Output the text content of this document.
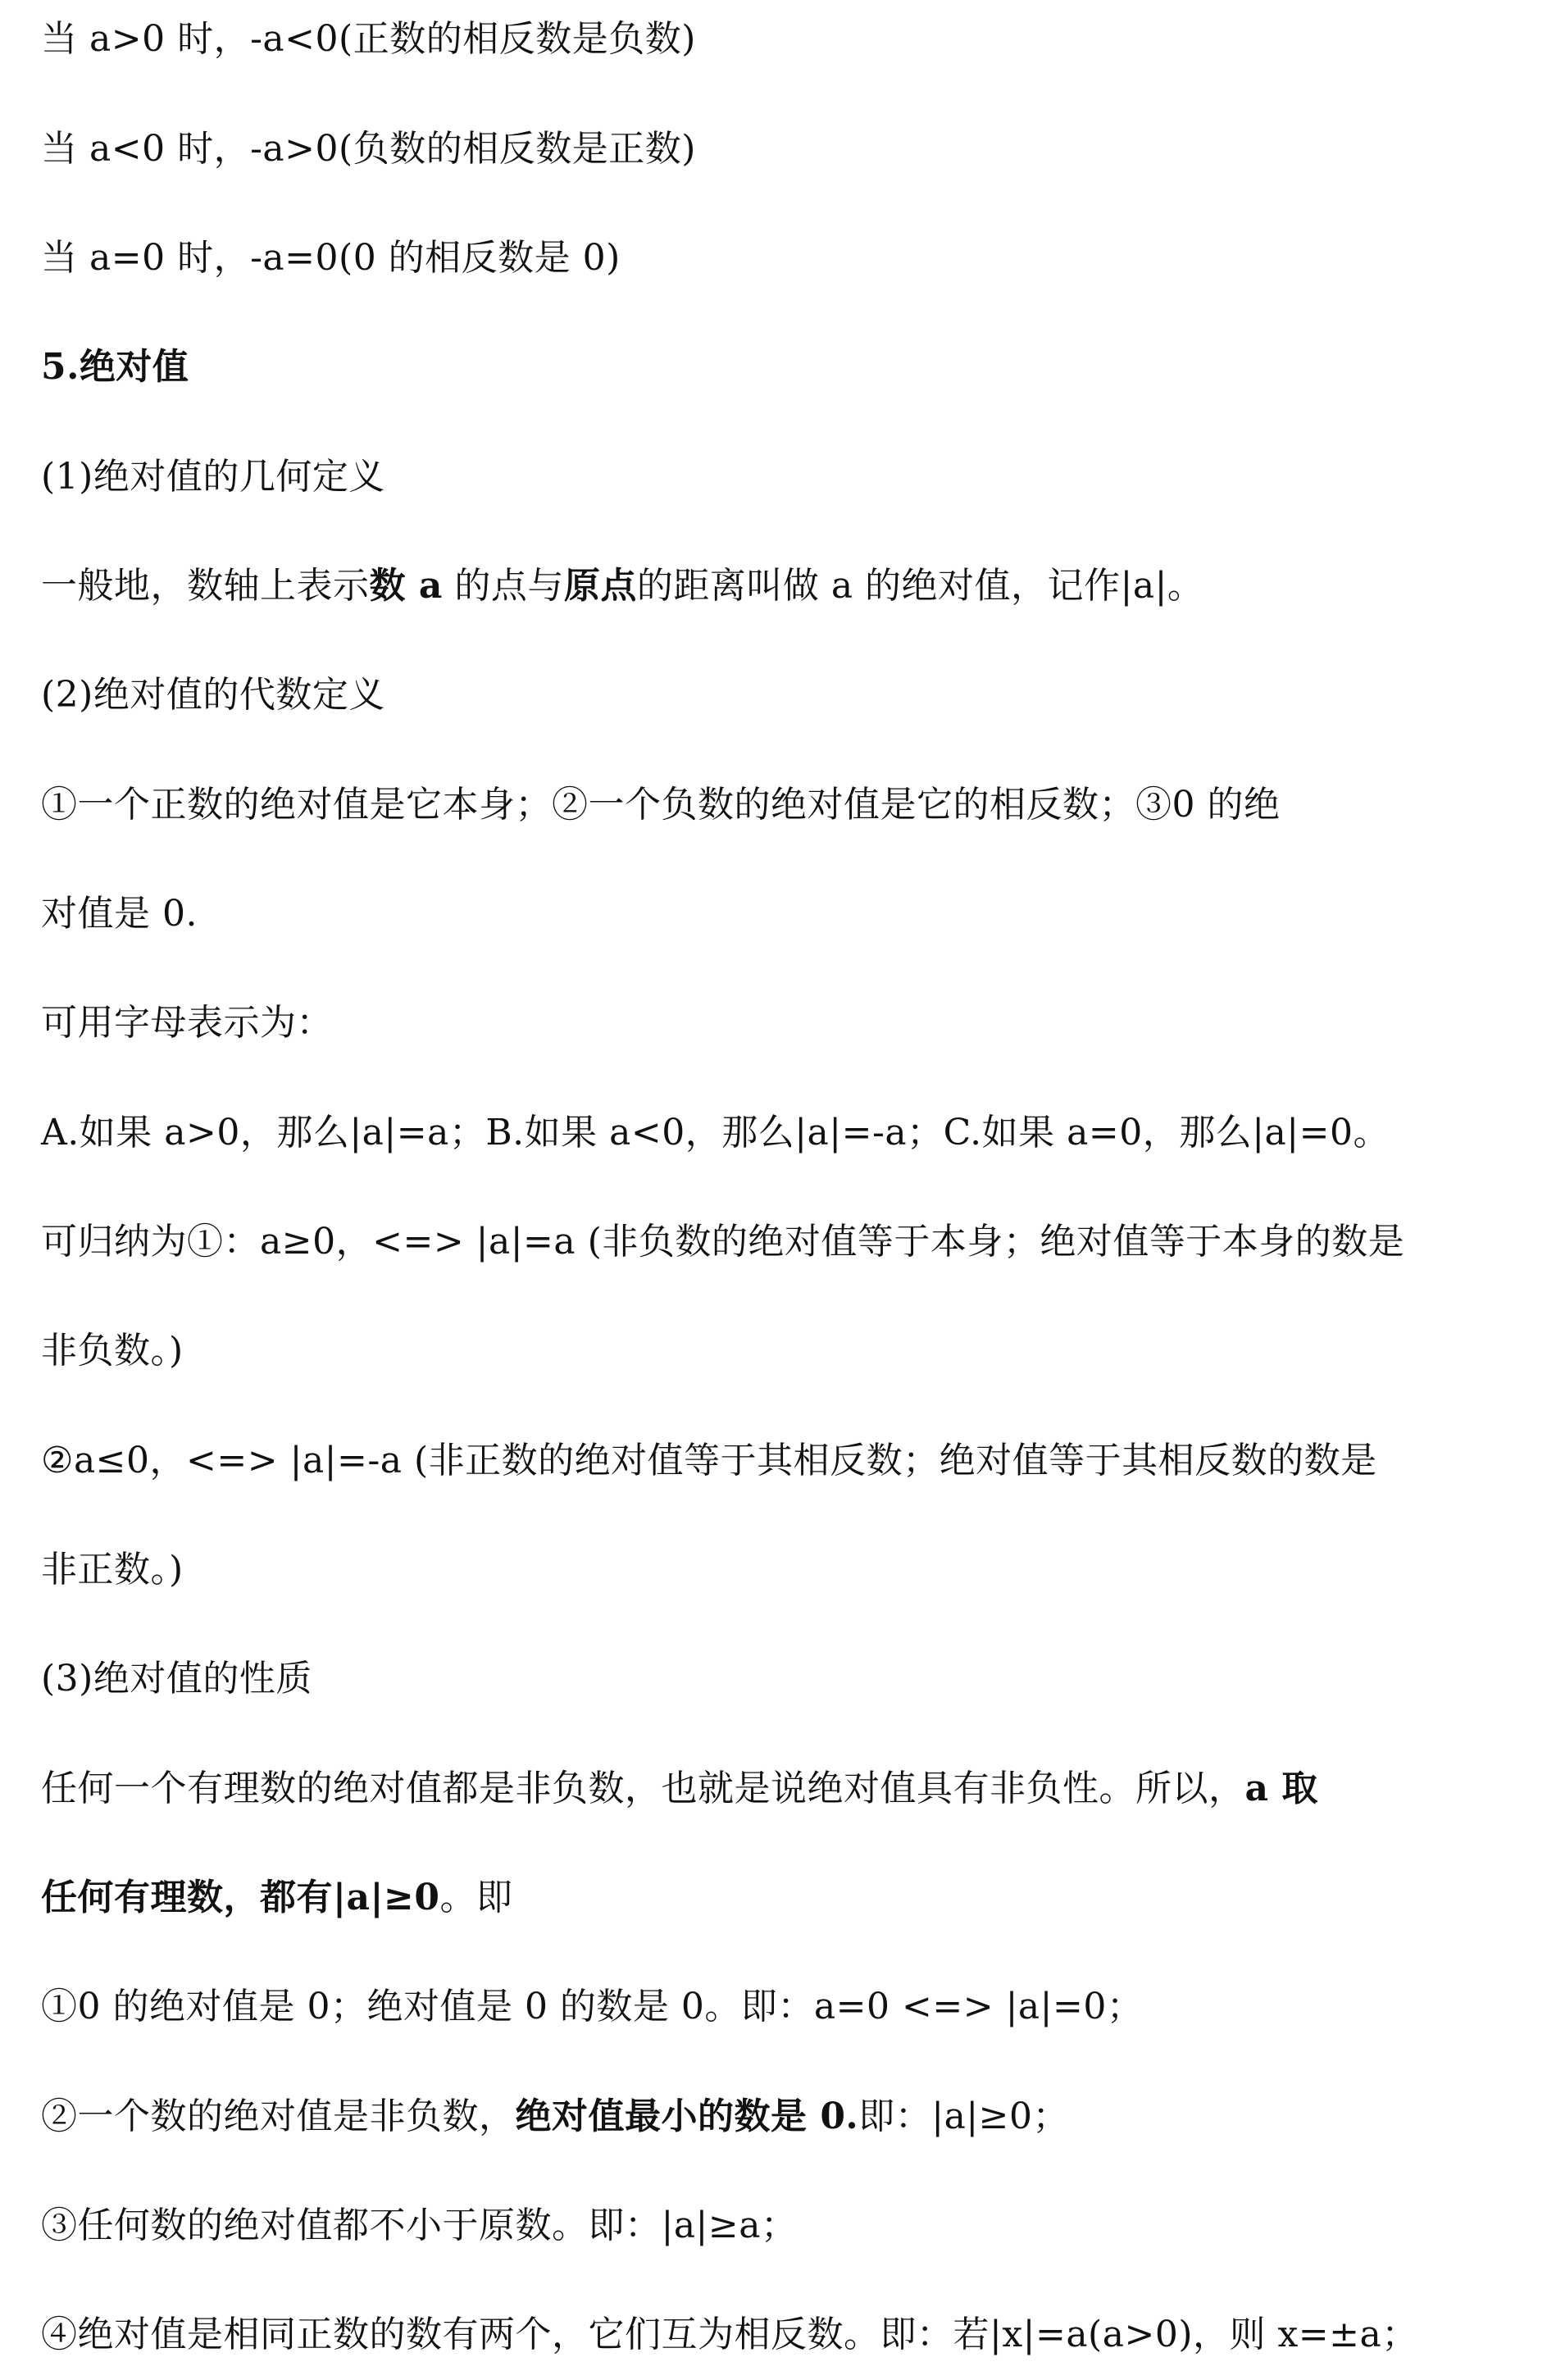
当 a>0 时，-a<0(正数的相反数是负数)
当 a<0 时，-a>0(负数的相反数是正数)
当 a=0 时，-a=0(0 的相反数是 0)
5.绝对值
(1)绝对值的几何定义
一般地，数轴上表示数 a 的点与原点的距离叫做 a 的绝对值，记作|a|。
(2)绝对值的代数定义
①一个正数的绝对值是它本身；②一个负数的绝对值是它的相反数；③0 的绝
对值是 0.
可用字母表示为：
A.如果 a>0，那么|a|=a；B.如果 a<0，那么|a|=-a；C.如果 a=0，那么|a|=0。
可归纳为①：a≥0，<=> |a|=a (非负数的绝对值等于本身；绝对值等于本身的数是
非负数。)
②a≤0，<=> |a|=-a (非正数的绝对值等于其相反数；绝对值等于其相反数的数是
非正数。)
(3)绝对值的性质
任何一个有理数的绝对值都是非负数，也就是说绝对值具有非负性。所以，a 取
任何有理数，都有|a|≥0。即
①0 的绝对值是 0；绝对值是 0 的数是 0。即：a=0 <=> |a|=0；
②一个数的绝对值是非负数，绝对值最小的数是 0.即：|a|≥0；
③任何数的绝对值都不小于原数。即：|a|≥a；
④绝对值是相同正数的数有两个，它们互为相反数。即：若|x|=a(a>0)，则 x=±a；
